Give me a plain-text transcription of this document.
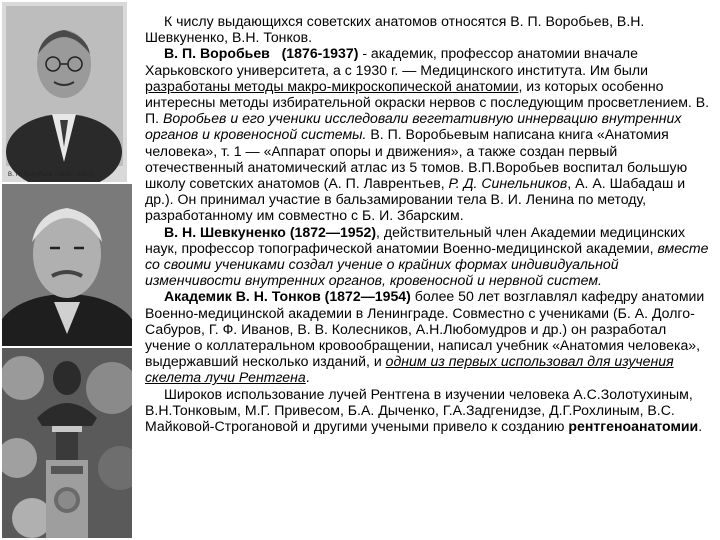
В. П. Воробьев (1876—1937)

К числу выдающихся советских анатомов относятся В. П. Воробьев, В.Н. Шевкуненко, В.Н. Тонков.

В. П. Воробьев (1876-1937) - академик, профессор анатомии вначале Харьковского университета, а с 1930 г. — Медицинского института. Им были разработаны методы макро-микроскопической анатомии, из которых особенно интересны методы избирательной окраски нервов с последующим просветлением. В. П. Воробьев и его ученики исследовали вегетативную иннервацию внутренних органов и кровеносной системы. В. П. Воробьевым написана книга «Анатомия человека», т. 1 — «Аппарат опоры и движения», а также создан первый отечественный анатомический атлас из 5 томов. В.П.Воробьев воспитал большую школу советских анатомов (А. П. Лаврентьев, Р. Д. Синельников, А. А. Шабадаш и др.). Он принимал участие в бальзамировании тела В. И. Ленина по методу, разработанному им совместно с Б. И. Збарским.

В. Н. Шевкуненко (1872—1952), действительный член Академии медицинских наук, профессор топографической анатомии Военно-медицинской академии, вместе со своими учениками создал учение о крайних формах индивидуальной изменчивости внутренних органов, кровеносной и нервной систем.

Академик В. Н. Тонков (1872—1954) более 50 лет возглавлял кафедру анатомии Военно-медицинской академии в Ленинграде. Совместно с учениками (Б. А. Долго-Сабуров, Г. Ф. Иванов, В. В. Колесников, А.Н.Любомудров и др.) он разработал учение о коллатеральном кровообращении, написал учебник «Анатомия человека», выдержавший несколько изданий, и одним из первых использовал для изучения скелета лучи Рентгена.

Широков использование лучей Рентгена в изучении человека А.С.Золотухиным, В.Н.Тонковым, М.Г. Привесом, Б.А. Дыченко, Г.А.Задгенидзе, Д.Г.Рохлиным, В.С. Майковой-Строгановой и другими учеными привело к созданию рентгеноанатомии.
